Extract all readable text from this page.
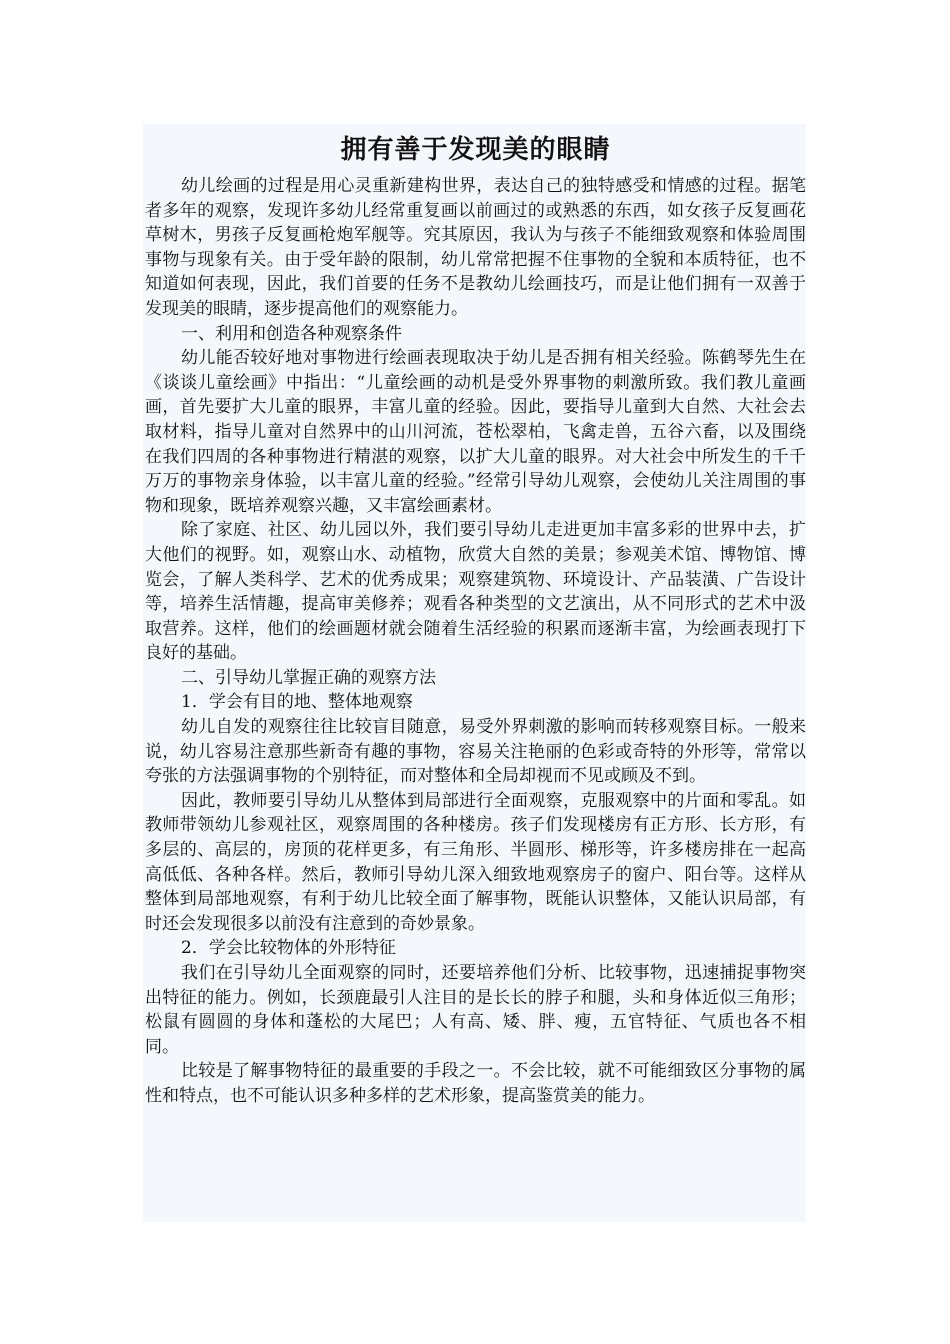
拥有善于发现美的眼睛

幼儿绘画的过程是用心灵重新建构世界，表达自己的独特感受和情感的过程。据笔者多年的观察，发现许多幼儿经常重复画以前画过的或熟悉的东西，如女孩子反复画花草树木，男孩子反复画枪炮军舰等。究其原因，我认为与孩子不能细致观察和体验周围事物与现象有关。由于受年龄的限制，幼儿常常把握不住事物的全貌和本质特征，也不知道如何表现，因此，我们首要的任务不是教幼儿绘画技巧，而是让他们拥有一双善于发现美的眼睛，逐步提高他们的观察能力。

一、利用和创造各种观察条件

幼儿能否较好地对事物进行绘画表现取决于幼儿是否拥有相关经验。陈鹤琴先生在《谈谈儿童绘画》中指出：“儿童绘画的动机是受外界事物的刺激所致。我们教儿童画画，首先要扩大儿童的眼界，丰富儿童的经验。因此，要指导儿童到大自然、大社会去取材料，指导儿童对自然界中的山川河流，苍松翠柏，飞禽走兽，五谷六畜，以及围绕在我们四周的各种事物进行精湛的观察，以扩大儿童的眼界。对大社会中所发生的千千万万的事物亲身体验，以丰富儿童的经验。”经常引导幼儿观察，会使幼儿关注周围的事物和现象，既培养观察兴趣，又丰富绘画素材。

除了家庭、社区、幼儿园以外，我们要引导幼儿走进更加丰富多彩的世界中去，扩大他们的视野。如，观察山水、动植物，欣赏大自然的美景；参观美术馆、博物馆、博览会，了解人类科学、艺术的优秀成果；观察建筑物、环境设计、产品装潢、广告设计等，培养生活情趣，提高审美修养；观看各种类型的文艺演出，从不同形式的艺术中汲取营养。这样，他们的绘画题材就会随着生活经验的积累而逐渐丰富，为绘画表现打下良好的基础。

二、引导幼儿掌握正确的观察方法

1．学会有目的地、整体地观察

幼儿自发的观察往往比较盲目随意，易受外界刺激的影响而转移观察目标。一般来说，幼儿容易注意那些新奇有趣的事物，容易关注艳丽的色彩或奇特的外形等，常常以夸张的方法强调事物的个别特征，而对整体和全局却视而不见或顾及不到。

因此，教师要引导幼儿从整体到局部进行全面观察，克服观察中的片面和零乱。如教师带领幼儿参观社区，观察周围的各种楼房。孩子们发现楼房有正方形、长方形，有多层的、高层的，房顶的花样更多，有三角形、半圆形、梯形等，许多楼房排在一起高高低低、各种各样。然后，教师引导幼儿深入细致地观察房子的窗户、阳台等。这样从整体到局部地观察，有利于幼儿比较全面了解事物，既能认识整体，又能认识局部，有时还会发现很多以前没有注意到的奇妙景象。

2．学会比较物体的外形特征

我们在引导幼儿全面观察的同时，还要培养他们分析、比较事物，迅速捕捉事物突出特征的能力。例如，长颈鹿最引人注目的是长长的脖子和腿，头和身体近似三角形；松鼠有圆圆的身体和蓬松的大尾巴；人有高、矮、胖、瘦，五官特征、气质也各不相同。

比较是了解事物特征的最重要的手段之一。不会比较，就不可能细致区分事物的属性和特点，也不可能认识多种多样的艺术形象，提高鉴赏美的能力。
